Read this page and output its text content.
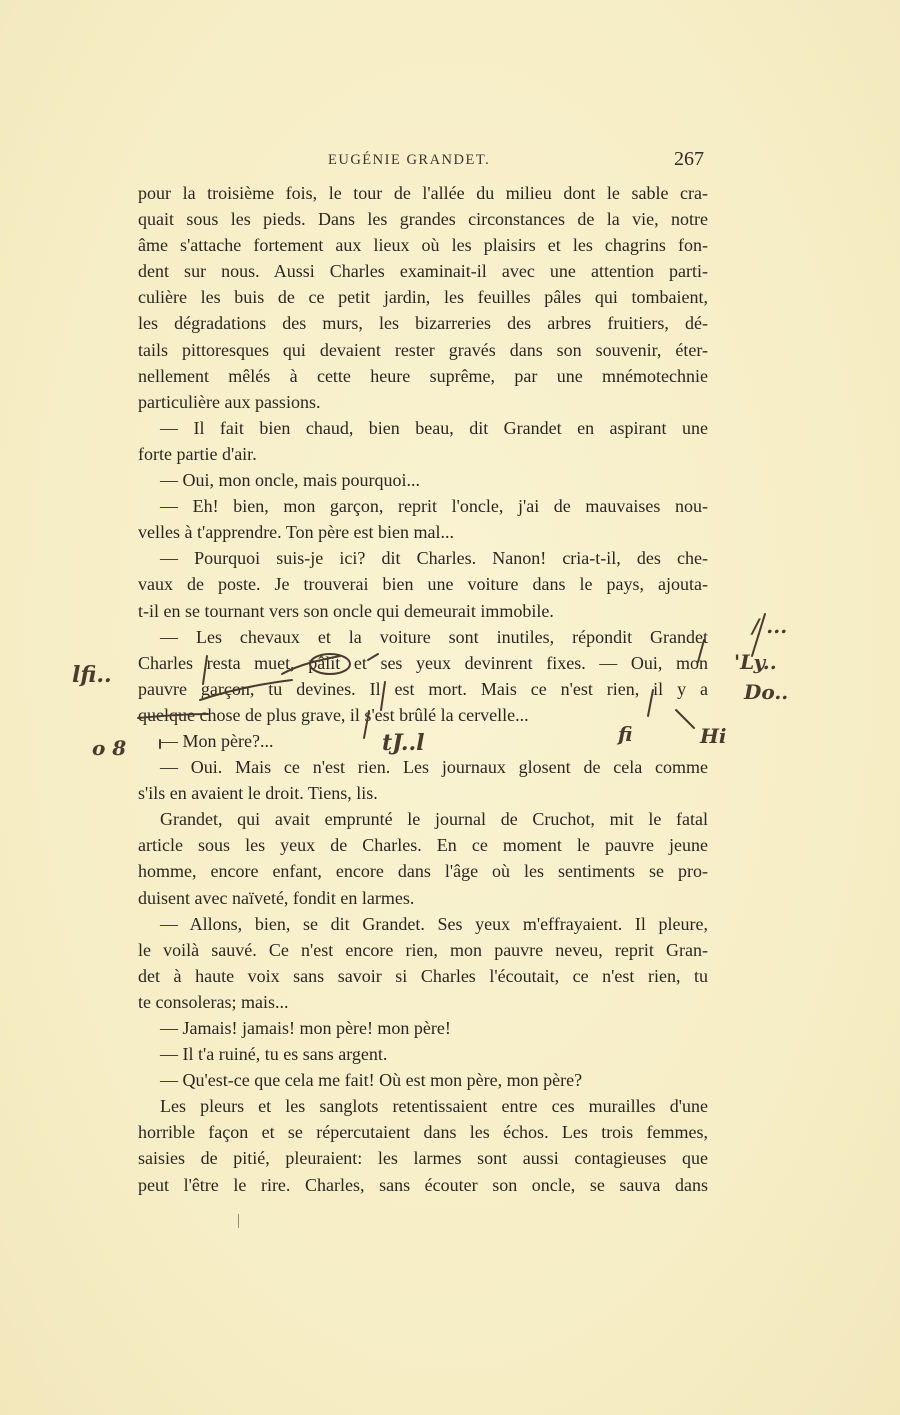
EUGÉNIE GRANDET.	267
pour la troisième fois, le tour de l'allée du milieu dont le sable cra-
quait sous les pieds. Dans les grandes circonstances de la vie, notre
âme s'attache fortement aux lieux où les plaisirs et les chagrins fon-
dent sur nous. Aussi Charles examinait-il avec une attention parti-
culière les buis de ce petit jardin, les feuilles pâles qui tombaient,
les dégradations des murs, les bizarreries des arbres fruitiers, dé-
tails pittoresques qui devaient rester gravés dans son souvenir, éter-
nellement mêlés à cette heure suprême, par une mnémotechnie
particulière aux passions.
— Il fait bien chaud, bien beau, dit Grandet en aspirant une
forte partie d'air.
— Oui, mon oncle, mais pourquoi...
— Eh! bien, mon garçon, reprit l'oncle, j'ai de mauvaises nou-
velles à t'apprendre. Ton père est bien mal...
— Pourquoi suis-je ici? dit Charles. Nanon! cria-t-il, des che-
vaux de poste. Je trouverai bien une voiture dans le pays, ajouta-
t-il en se tournant vers son oncle qui demeurait immobile.
— Les chevaux et la voiture sont inutiles, répondit Grandet
Charles resta muet, pâlit et ses yeux devinrent fixes. — Oui, mon
pauvre garçon, tu devines. Il est mort. Mais ce n'est rien, il y a
quelque chose de plus grave, il s'est brûlé la cervelle...
— Mon père?...
— Oui. Mais ce n'est rien. Les journaux glosent de cela comme
s'ils en avaient le droit. Tiens, lis.
Grandet, qui avait emprunté le journal de Cruchot, mit le fatal
article sous les yeux de Charles. En ce moment le pauvre jeune
homme, encore enfant, encore dans l'âge où les sentiments se pro-
duisent avec naïveté, fondit en larmes.
— Allons, bien, se dit Grandet. Ses yeux m'effrayaient. Il pleure,
le voilà sauvé. Ce n'est encore rien, mon pauvre neveu, reprit Gran-
det à haute voix sans savoir si Charles l'écoutait, ce n'est rien, tu
te consoleras; mais...
— Jamais! jamais! mon père! mon père!
— Il t'a ruiné, tu es sans argent.
— Qu'est-ce que cela me fait! Où est mon père, mon père?
Les pleurs et les sanglots retentissaient entre ces murailles d'une
horrible façon et se répercutaient dans les échos. Les trois femmes,
saisies de pitié, pleuraient: les larmes sont aussi contagieuses que
peut l'être le rire. Charles, sans écouter son oncle, se sauva dans
lfi..
o 8	tJ..l	fi
/ ...
'Ly..
Do..
Hi
